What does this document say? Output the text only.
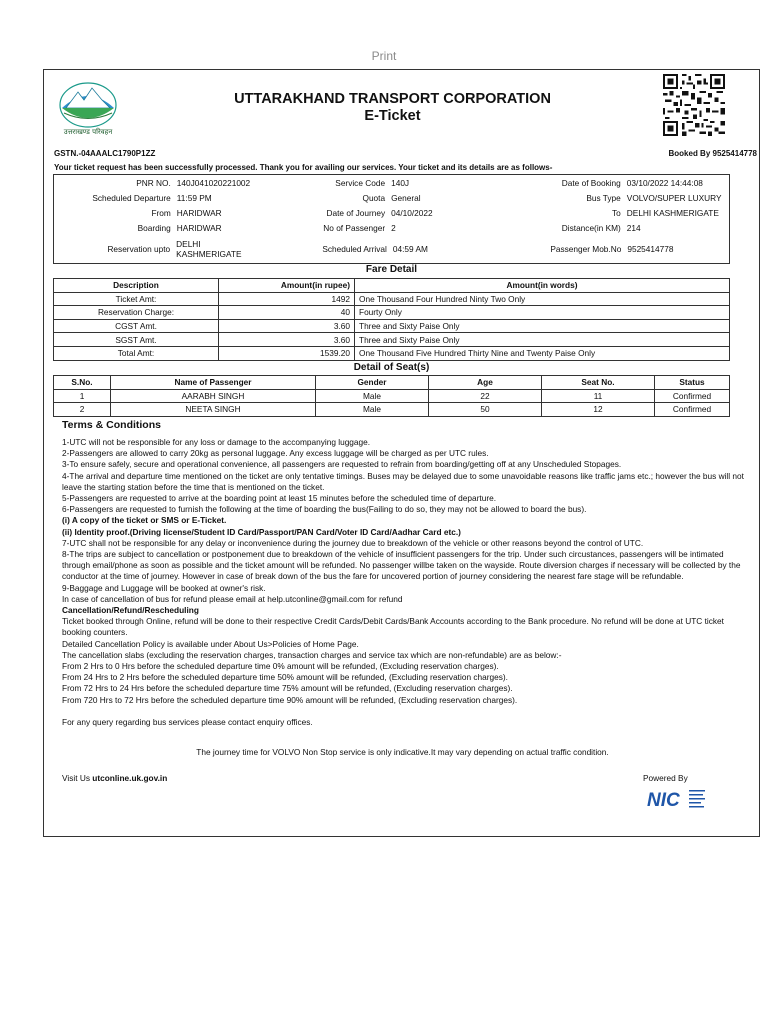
Print
उत्तराखण्ड परिवहन
UTTARAKHAND TRANSPORT CORPORATION
E-Ticket
GSTN.-04AAALC1790P1ZZ	Booked By 9525414778
Your ticket request has been successfully processed. Thank you for availing our services. Your ticket and its details are as follows-
PNR NO. 140J041020221002	Service Code 140J	Date of Booking 03/10/2022 14:44:08
Scheduled Departure 11:59 PM	Quota General	Bus Type VOLVO/SUPER LUXURY
From HARIDWAR	Date of Journey 04/10/2022	To DELHI KASHMERIGATE
Boarding HARIDWAR	No of Passenger 2	Distance(in KM) 214
Reservation upto DELHI KASHMERIGATE	Scheduled Arrival 04:59 AM	Passenger Mob.No 9525414778
Fare Detail
Description	Amount(in rupee)	Amount(in words)
Ticket Amt:	1492	One Thousand Four Hundred Ninty Two Only
Reservation Charge:	40	Fourty Only
CGST Amt.	3.60	Three and Sixty Paise Only
SGST Amt.	3.60	Three and Sixty Paise Only
Total Amt:	1539.20	One Thousand Five Hundred Thirty Nine and Twenty Paise Only
Detail of Seat(s)
S.No.	Name of Passenger	Gender	Age	Seat No.	Status
1	AARABH SINGH	Male	22	11	Confirmed
2	NEETA SINGH	Male	50	12	Confirmed
Terms & Conditions
1-UTC will not be responsible for any loss or damage to the accompanying luggage.
2-Passengers are allowed to carry 20kg as personal luggage. Any excess luggage will be charged as per UTC rules.
3-To ensure safely, secure and operational convenience, all passengers are requested to refrain from boarding/getting off at any Unscheduled Stopages.
4-The arrival and departure time mentioned on the ticket are only tentative timings. Buses may be delayed due to some unavoidable reasons like traffic jams etc.; however the bus will not leave the starting station before the time that is mentioned on the ticket.
5-Passengers are requested to arrive at the boarding point at least 15 minutes before the scheduled time of departure.
6-Passengers are requested to furnish the following at the time of boarding the bus(Failing to do so, they may not be allowed to board the bus).
(i) A copy of the ticket or SMS or E-Ticket.
(ii) Identity proof.(Driving license/Student ID Card/Passport/PAN Card/Voter ID Card/Aadhar Card etc.)
7-UTC shall not be responsible for any delay or inconvenience during the journey due to breakdown of the vehicle or other reasons beyond the control of UTC.
8-The trips are subject to cancellation or postponement due to breakdown of the vehicle of insufficient passengers for the trip. Under such circustances, passengers will be intimated through email/phone as soon as possible and the ticket amount will be refunded. No passenger willbe taken on the wayside. Route diversion charges if necessary will be collected by the conductor at the time of journey. However in case of break down of the bus the fare for uncovered portion of journey considering the nearest fare stage will be refundable.
9-Baggage and Luggage will be booked at owner's risk.
In case of cancellation of bus for refund please email at help.utconline@gmail.com for refund
Cancellation/Refund/Rescheduling
Ticket booked through Online, refund will be done to their respective Credit Cards/Debit Cards/Bank Accounts according to the Bank procedure. No refund will be done at UTC ticket booking counters.
Detailed Cancellation Policy is available under About Us>Policies of Home Page.
The cancellation slabs (excluding the reservation charges, transaction charges and service tax which are non-refundable) are as below:-
From 2 Hrs to 0 Hrs before the scheduled departure time 0% amount will be refunded, (Excluding reservation charges).
From 24 Hrs to 2 Hrs before the scheduled departure time 50% amount will be refunded, (Excluding reservation charges).
From 72 Hrs to 24 Hrs before the scheduled departure time 75% amount will be refunded, (Excluding reservation charges).
From 720 Hrs to 72 Hrs before the scheduled departure time 90% amount will be refunded, (Excluding reservation charges).
For any query regarding bus services please contact enquiry offices.
The journey time for VOLVO Non Stop service is only indicative.It may vary depending on actual traffic condition.
Visit Us utconline.uk.gov.in	Powered By
NIC
